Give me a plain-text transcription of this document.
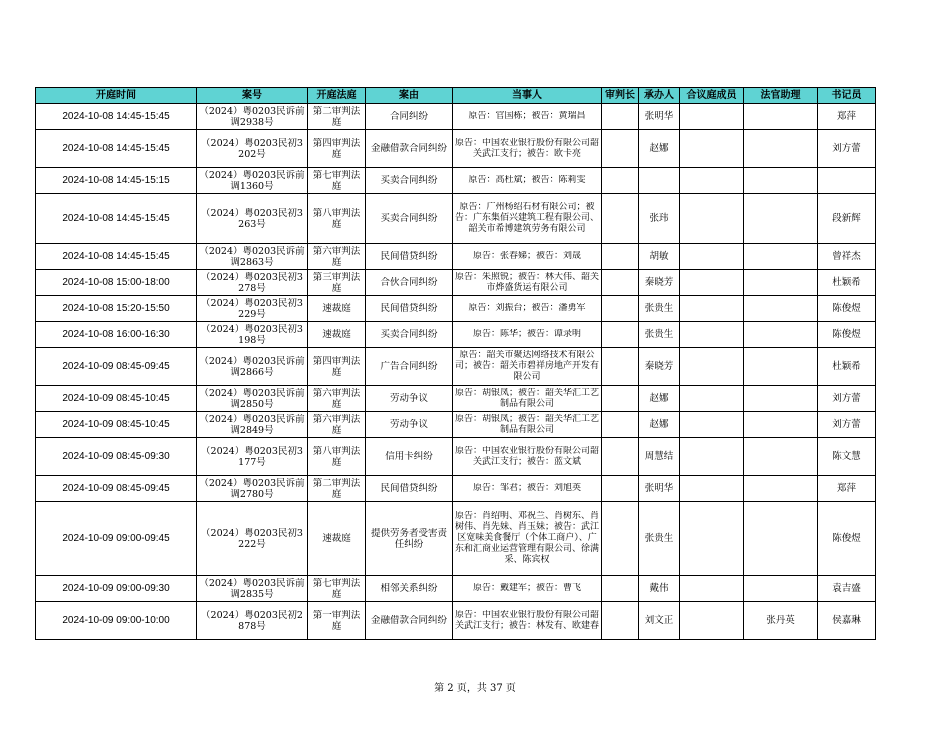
开庭时间	案号	开庭法庭	案由	当事人	审判长	承办人	合议庭成员	法官助理	书记员

2024-10-08 14:45-15:45	（2024）粤0203民诉前调2938号	第二审判法庭	合同纠纷	原告：官国栋；被告：黄瑞昌		张明华			郑萍

2024-10-08 14:45-15:45	（2024）粤0203民初3202号	第四审判法庭	金融借款合同纠纷	原告：中国农业银行股份有限公司韶关武江支行；被告：欧卡亮		赵娜			刘方蕾

2024-10-08 14:45-15:15	（2024）粤0203民诉前调1360号	第七审判法庭	买卖合同纠纷	原告：高杜斌；被告：陈莉雯					

2024-10-08 14:45-15:45	（2024）粤0203民初3263号	第八审判法庭	买卖合同纠纷	原告：广州杨绍石材有限公司；被告：广东集佰兴建筑工程有限公司、韶关市希博建筑劳务有限公司		张玮			段新辉

2024-10-08 14:45-15:45	（2024）粤0203民诉前调2863号	第六审判法庭	民间借贷纠纷	原告：张春娣；被告：刘晟		胡敏			曾祥杰

2024-10-08 15:00-18:00	（2024）粤0203民初3278号	第三审判法庭	合伙合同纠纷	原告：朱照锐；被告：林大伟、韶关市烨盛货运有限公司		秦晓芳			杜颖希

2024-10-08 15:20-15:50	（2024）粤0203民初3229号	速裁庭	民间借贷纠纷	原告：刘振台；被告：潘勇军		张贵生			陈俊煜

2024-10-08 16:00-16:30	（2024）粤0203民初3198号	速裁庭	买卖合同纠纷	原告：陈华；被告：谭录明		张贵生			陈俊煜

2024-10-09 08:45-09:45	（2024）粤0203民诉前调2866号	第四审判法庭	广告合同纠纷	原告：韶关市聚达网络技术有限公司；被告：韶关市碧祥房地产开发有限公司		秦晓芳			杜颖希

2024-10-09 08:45-10:45	（2024）粤0203民诉前调2850号	第六审判法庭	劳动争议	原告：胡银凤；被告：韶关华汇工艺制品有限公司		赵娜			刘方蕾

2024-10-09 08:45-10:45	（2024）粤0203民诉前调2849号	第六审判法庭	劳动争议	原告：胡银凤；被告：韶关华汇工艺制品有限公司		赵娜			刘方蕾

2024-10-09 08:45-09:30	（2024）粤0203民初3177号	第八审判法庭	信用卡纠纷	原告：中国农业银行股份有限公司韶关武江支行；被告：蓝文斌		周慧结			陈文慧

2024-10-09 08:45-09:45	（2024）粤0203民诉前调2780号	第二审判法庭	民间借贷纠纷	原告：邹君；被告：刘旭英		张明华			郑萍

2024-10-09 09:00-09:45	（2024）粤0203民初3222号	速裁庭	提供劳务者受害责任纠纷	原告：肖绍明、邓祝兰、肖树东、肖树伟、肖先妹、肖玉妹；被告：武江区宽味美食餐厅（个体工商户）、广东和汇商业运营管理有限公司、徐满采、陈宾权		张贵生			陈俊煜

2024-10-09 09:00-09:30	（2024）粤0203民诉前调2835号	第七审判法庭	相邻关系纠纷	原告：戴建军；被告：曹飞		戴伟			袁吉盛

2024-10-09 09:00-10:00	（2024）粤0203民初2878号	第一审判法庭	金融借款合同纠纷	原告：中国农业银行股份有限公司韶关武江支行；被告：林发有、欧建春		刘文正		张丹英	侯嘉琳
第 2 页，共 37 页
